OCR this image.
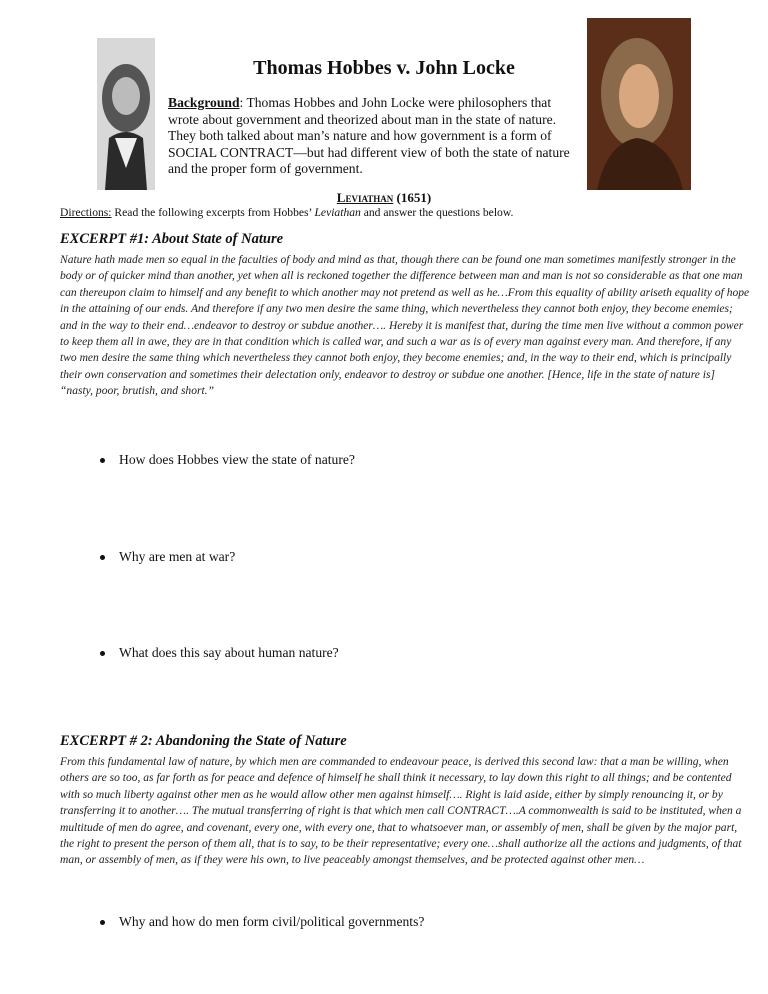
Thomas Hobbes v. John Locke
Background: Thomas Hobbes and John Locke were philosophers that wrote about government and theorized about man in the state of nature. They both talked about man’s nature and how government is a form of SOCIAL CONTRACT—but had different view of both the state of nature and the proper form of government.
Leviathan (1651)
Directions: Read the following excerpts from Hobbes’ Leviathan and answer the questions below.
EXCERPT #1: About State of Nature
Nature hath made men so equal in the faculties of body and mind as that, though there can be found one man sometimes manifestly stronger in the body or of quicker mind than another, yet when all is reckoned together the difference between man and man is not so considerable as that one man can thereupon claim to himself and any benefit to which another may not pretend as well as he…From this equality of ability ariseth equality of hope in the attaining of our ends. And therefore if any two men desire the same thing, which nevertheless they cannot both enjoy, they become enemies; and in the way to their end…endeavor to destroy or subdue another…. Hereby it is manifest that, during the time men live without a common power to keep them all in awe, they are in that condition which is called war, and such a war as is of every man against every man. And therefore, if any two men desire the same thing which nevertheless they cannot both enjoy, they become enemies; and, in the way to their end, which is principally their own conservation and sometimes their delectation only, endeavor to destroy or subdue one another. [Hence, life in the state of nature is] “nasty, poor, brutish, and short.”
How does Hobbes view the state of nature?
Why are men at war?
What does this say about human nature?
EXCERPT # 2: Abandoning the State of Nature
From this fundamental law of nature, by which men are commanded to endeavour peace, is derived this second law: that a man be willing, when others are so too, as far forth as for peace and defence of himself he shall think it necessary, to lay down this right to all things; and be contented with so much liberty against other men as he would allow other men against himself…. Right is laid aside, either by simply renouncing it, or by transferring it to another…. The mutual transferring of right is that which men call CONTRACT….A commonwealth is said to be instituted, when a multitude of men do agree, and covenant, every one, with every one, that to whatsoever man, or assembly of men, shall be given by the major part, the right to present the person of them all, that is to say, to be their representative; every one…shall authorize all the actions and judgments, of that man, or assembly of men, as if they were his own, to live peaceably amongst themselves, and be protected against other men…
Why and how do men form civil/political governments?
